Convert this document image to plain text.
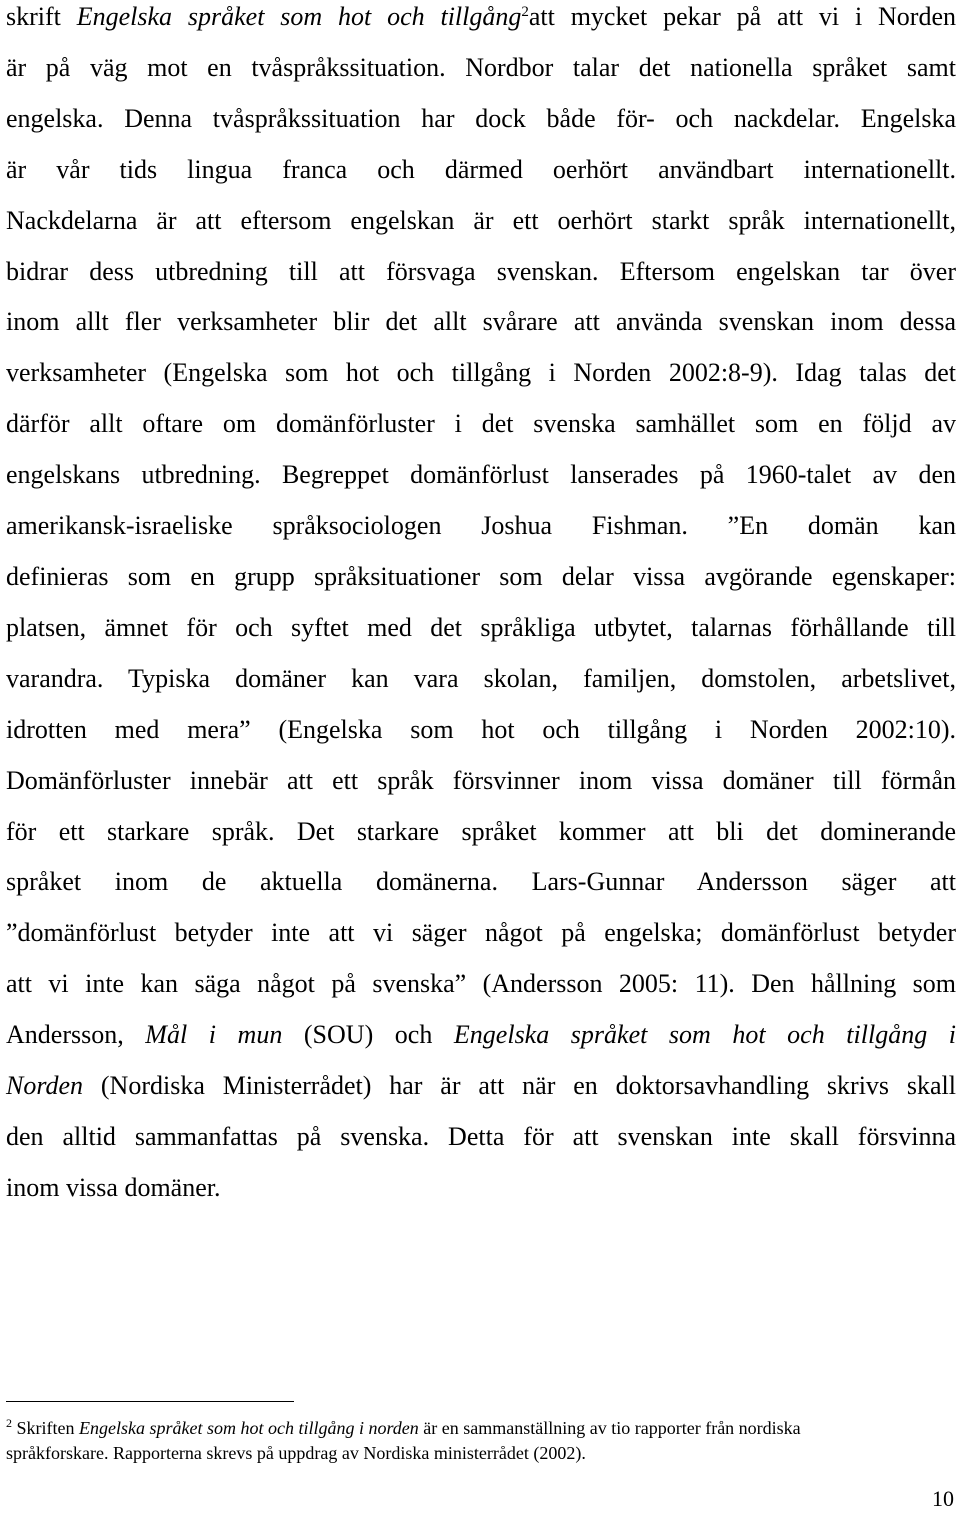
skrift Engelska språket som hot och tillgång$^2$att mycket pekar på att vi i Norden
är på väg mot en tvåspråkssituation. Nordbor talar det nationella språket samt
engelska. Denna tvåspråkssituation har dock både för- och nackdelar. Engelska
är vår tids lingua franca och därmed oerhört användbart internationellt.
Nackdelarna är att eftersom engelskan är ett oerhört starkt språk internationellt,
bidrar dess utbredning till att försvaga svenskan. Eftersom engelskan tar över
inom allt fler verksamheter blir det allt svårare att använda svenskan inom dessa
verksamheter (Engelska som hot och tillgång i Norden 2002:8-9). Idag talas det
därför allt oftare om domänförluster i det svenska samhället som en följd av
engelskans utbredning. Begreppet domänförlust lanserades på 1960-talet av den
amerikansk-israeliske språksociologen Joshua Fishman. ”En domän kan
definieras som en grupp språksituationer som delar vissa avgörande egenskaper:
platsen, ämnet för och syftet med det språkliga utbytet, talarnas förhållande till
varandra. Typiska domäner kan vara skolan, familjen, domstolen, arbetslivet,
idrotten med mera” (Engelska som hot och tillgång i Norden 2002:10).
Domänförluster innebär att ett språk försvinner inom vissa domäner till förmån
för ett starkare språk. Det starkare språket kommer att bli det dominerande
språket inom de aktuella domänerna. Lars-Gunnar Andersson säger att
”domänförlust betyder inte att vi säger något på engelska; domänförlust betyder
att vi inte kan säga något på svenska” (Andersson 2005: 11). Den hållning som
Andersson, Mål i mun (SOU) och Engelska språket som hot och tillgång i
Norden (Nordiska Ministerrådet) har är att när en doktorsavhandling skrivs skall
den alltid sammanfattas på svenska. Detta för att svenskan inte skall försvinna
inom vissa domäner.

$^2$ Skriften Engelska språket som hot och tillgång i norden är en sammanställning av tio rapporter från nordiska
språkforskare. Rapporterna skrevs på uppdrag av Nordiska ministerrådet (2002).

10
